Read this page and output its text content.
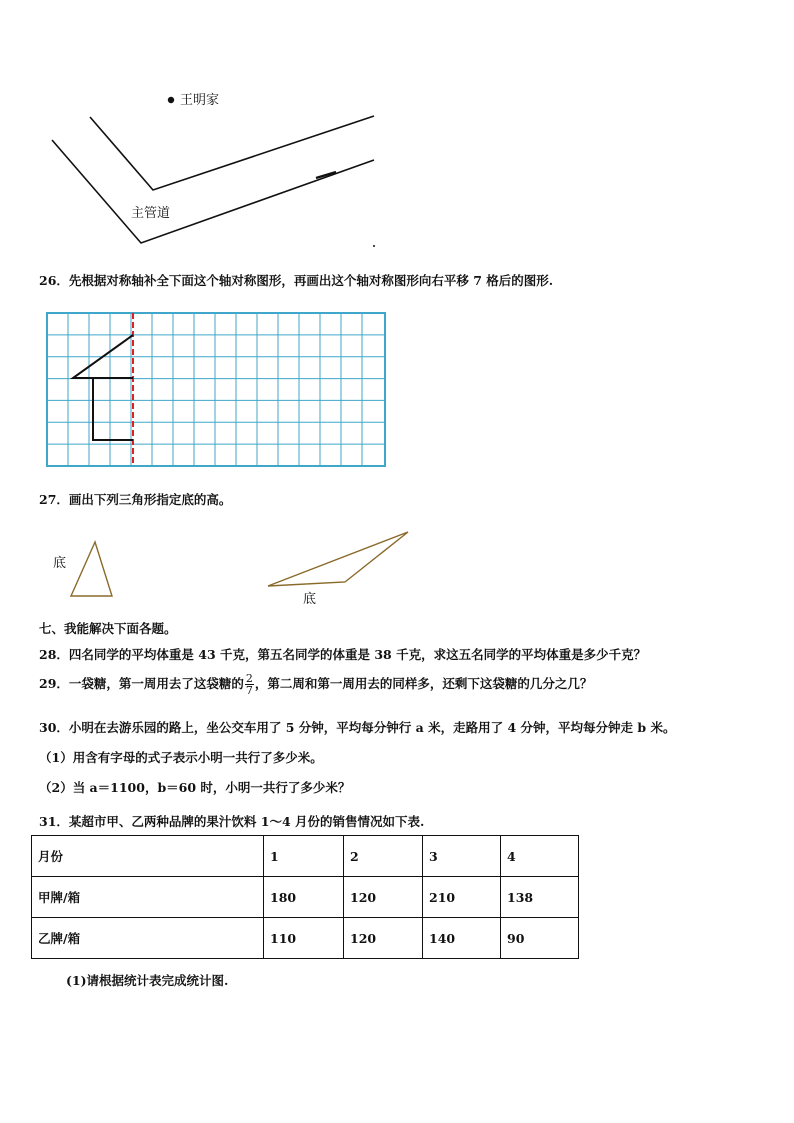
王明家
主管道
26．先根据对称轴补全下面这个轴对称图形，再画出这个轴对称图形向右平移 7 格后的图形.
27．画出下列三角形指定底的高。
底
底
七、我能解决下面各题。
28．四名同学的平均体重是 43 千克，第五名同学的体重是 38 千克，求这五名同学的平均体重是多少千克？
29．一袋糖，第一周用去了这袋糖的 $\frac{2}{7}$ ，第二周和第一周用去的同样多，还剩下这袋糖的几分之几？
30．小明在去游乐园的路上，坐公交车用了 5 分钟，平均每分钟行 a 米，走路用了 4 分钟，平均每分钟走 b 米。
（1）用含有字母的式子表示小明一共行了多少米。
（2）当 a＝1100，b＝60 时，小明一共行了多少米？
31．某超市甲、乙两种品牌的果汁饮料 1～4 月份的销售情况如下表.
月份	1	2	3	4
甲牌/箱	180	120	210	138
乙牌/箱	110	120	140	90
(1)请根据统计表完成统计图.
